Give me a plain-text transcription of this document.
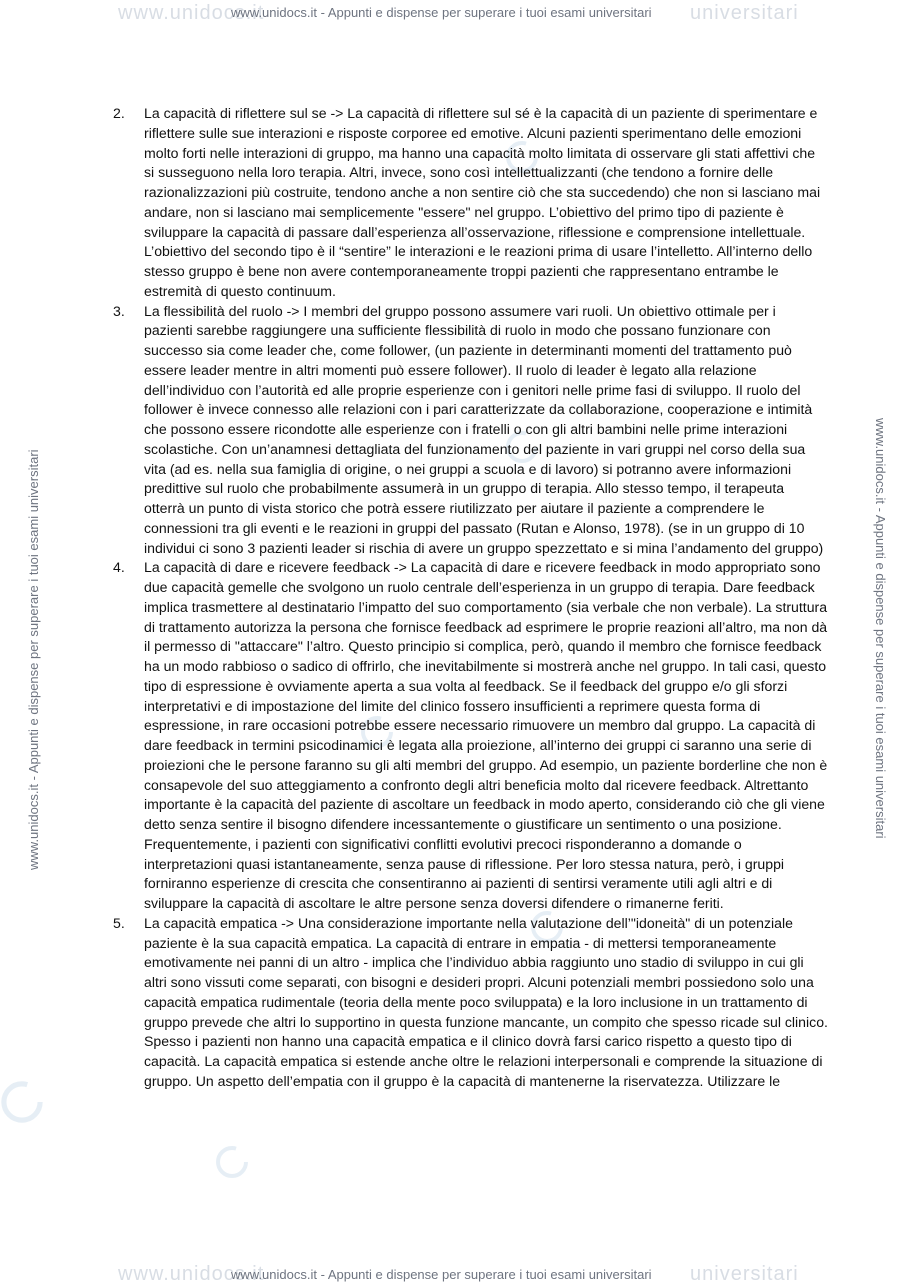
www.unidocs.it	universitari
www.unidocs.it	universitari
www.unidocs.it - Appunti e dispense per superare i tuoi esami universitari
www.unidocs.it - Appunti e dispense per superare i tuoi esami universitari
www.unidocs.it - Appunti e dispense per superare i tuoi esami universitari	www.unidocs.it - Appunti e dispense per superare i tuoi esami universitari
2. La capacità di riflettere sul se -> La capacità di riflettere sul sé è la capacità di un paziente di sperimentare e riflettere sulle sue interazioni e risposte corporee ed emotive. Alcuni pazienti sperimentano delle emozioni molto forti nelle interazioni di gruppo, ma hanno una capacità molto limitata di osservare gli stati affettivi che si susseguono nella loro terapia. Altri, invece, sono così intellettualizzanti (che tendono a fornire delle razionalizzazioni più costruite, tendono anche a non sentire ciò che sta succedendo) che non si lasciano mai andare, non si lasciano mai semplicemente "essere" nel gruppo. L’obiettivo del primo tipo di paziente è sviluppare la capacità di passare dall’esperienza all’osservazione, riflessione e comprensione intellettuale. L’obiettivo del secondo tipo è il “sentire” le interazioni e le reazioni prima di usare l’intelletto. All’interno dello stesso gruppo è bene non avere contemporaneamente troppi pazienti che rappresentano entrambe le estremità di questo continuum.
3. La flessibilità del ruolo -> I membri del gruppo possono assumere vari ruoli. Un obiettivo ottimale per i pazienti sarebbe raggiungere una sufficiente flessibilità di ruolo in modo che possano funzionare con successo sia come leader che, come follower, (un paziente in determinanti momenti del trattamento può essere leader mentre in altri momenti può essere follower). Il ruolo di leader è legato alla relazione dell’individuo con l’autorità ed alle proprie esperienze con i genitori nelle prime fasi di sviluppo. Il ruolo del follower è invece connesso alle relazioni con i pari caratterizzate da collaborazione, cooperazione e intimità che possono essere ricondotte alle esperienze con i fratelli o con gli altri bambini nelle prime interazioni scolastiche. Con un’anamnesi dettagliata del funzionamento del paziente in vari gruppi nel corso della sua vita (ad es. nella sua famiglia di origine, o nei gruppi a scuola e di lavoro) si potranno avere informazioni predittive sul ruolo che probabilmente assumerà in un gruppo di terapia. Allo stesso tempo, il terapeuta otterrà un punto di vista storico che potrà essere riutilizzato per aiutare il paziente a comprendere le connessioni tra gli eventi e le reazioni in gruppi del passato (Rutan e Alonso, 1978). (se in un gruppo di 10 individui ci sono 3 pazienti leader si rischia di avere un gruppo spezzettato e si mina l’andamento del gruppo)
4. La capacità di dare e ricevere feedback -> La capacità di dare e ricevere feedback in modo appropriato sono due capacità gemelle che svolgono un ruolo centrale dell’esperienza in un gruppo di terapia. Dare feedback implica trasmettere al destinatario l’impatto del suo comportamento (sia verbale che non verbale). La struttura di trattamento autorizza la persona che fornisce feedback ad esprimere le proprie reazioni all’altro, ma non dà il permesso di "attaccare" l’altro. Questo principio si complica, però, quando il membro che fornisce feedback ha un modo rabbioso o sadico di offrirlo, che inevitabilmente si mostrerà anche nel gruppo. In tali casi, questo tipo di espressione è ovviamente aperta a sua volta al feedback. Se il feedback del gruppo e/o gli sforzi interpretativi e di impostazione del limite del clinico fossero insufficienti a reprimere questa forma di espressione, in rare occasioni potrebbe essere necessario rimuovere un membro dal gruppo. La capacità di dare feedback in termini psicodinamici è legata alla proiezione, all’interno dei gruppi ci saranno una serie di proiezioni che le persone faranno su gli alti membri del gruppo. Ad esempio, un paziente borderline che non è consapevole del suo atteggiamento a confronto degli altri beneficia molto dal ricevere feedback. Altrettanto importante è la capacità del paziente di ascoltare un feedback in modo aperto, considerando ciò che gli viene detto senza sentire il bisogno difendere incessantemente o giustificare un sentimento o una posizione. Frequentemente, i pazienti con significativi conflitti evolutivi precoci risponderanno a domande o interpretazioni quasi istantaneamente, senza pause di riflessione. Per loro stessa natura, però, i gruppi forniranno esperienze di crescita che consentiranno ai pazienti di sentirsi veramente utili agli altri e di sviluppare la capacità di ascoltare le altre persone senza doversi difendere o rimanerne feriti.
5. La capacità empatica -> Una considerazione importante nella valutazione dell’"idoneità" di un potenziale paziente è la sua capacità empatica. La capacità di entrare in empatia - di mettersi temporaneamente emotivamente nei panni di un altro - implica che l’individuo abbia raggiunto uno stadio di sviluppo in cui gli altri sono vissuti come separati, con bisogni e desideri propri. Alcuni potenziali membri possiedono solo una capacità empatica rudimentale (teoria della mente poco sviluppata) e la loro inclusione in un trattamento di gruppo prevede che altri lo supportino in questa funzione mancante, un compito che spesso ricade sul clinico. Spesso i pazienti non hanno una capacità empatica e il clinico dovrà farsi carico rispetto a questo tipo di capacità. La capacità empatica si estende anche oltre le relazioni interpersonali e comprende la situazione di gruppo. Un aspetto dell’empatia con il gruppo è la capacità di mantenerne la riservatezza. Utilizzare le
